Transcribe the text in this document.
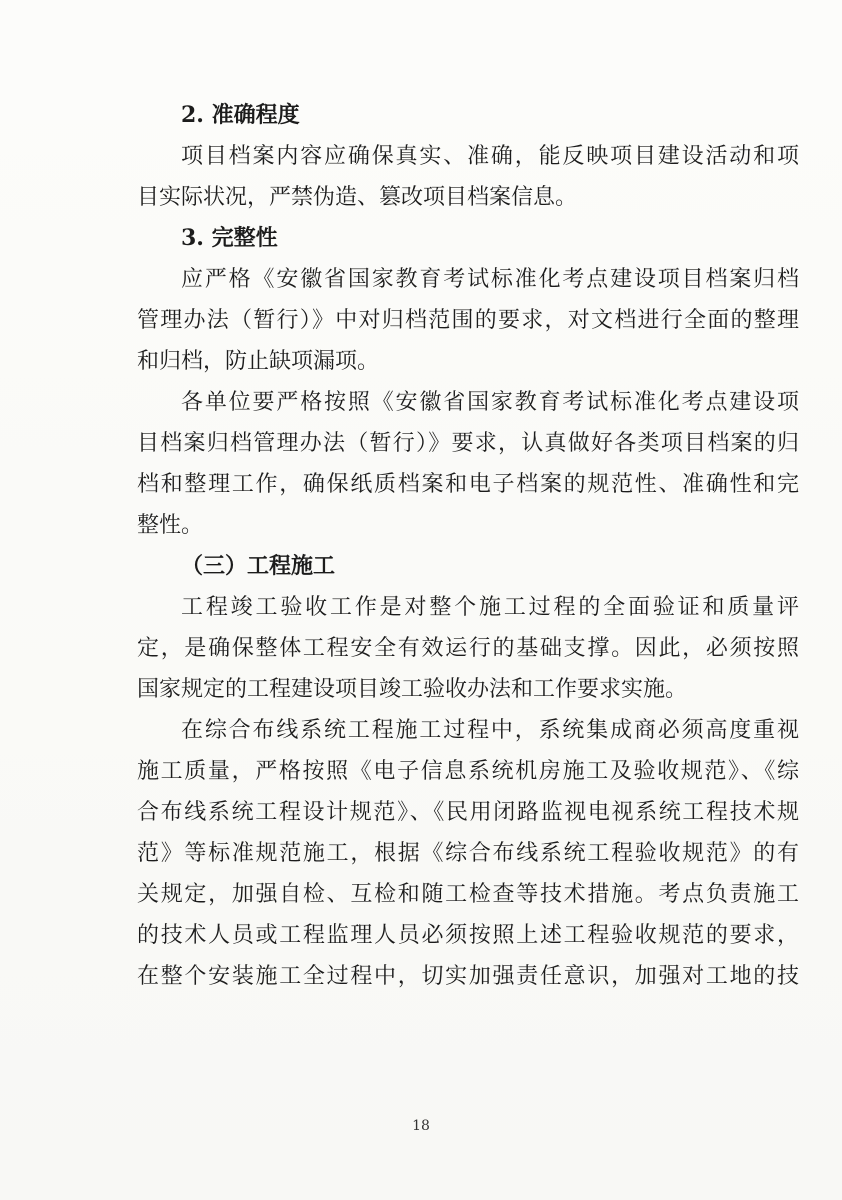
2. 准确程度
项目档案内容应确保真实、准确，能反映项目建设活动和项
目实际状况，严禁伪造、篡改项目档案信息。
3. 完整性
应严格《安徽省国家教育考试标准化考点建设项目档案归档
管理办法（暂行）》中对归档范围的要求，对文档进行全面的整理
和归档，防止缺项漏项。
各单位要严格按照《安徽省国家教育考试标准化考点建设项
目档案归档管理办法（暂行）》要求，认真做好各类项目档案的归
档和整理工作，确保纸质档案和电子档案的规范性、准确性和完
整性。
（三）工程施工
工程竣工验收工作是对整个施工过程的全面验证和质量评
定，是确保整体工程安全有效运行的基础支撑。因此，必须按照
国家规定的工程建设项目竣工验收办法和工作要求实施。
在综合布线系统工程施工过程中，系统集成商必须高度重视
施工质量，严格按照《电子信息系统机房施工及验收规范》、《综
合布线系统工程设计规范》、《民用闭路监视电视系统工程技术规
范》等标准规范施工，根据《综合布线系统工程验收规范》的有
关规定，加强自检、互检和随工检查等技术措施。考点负责施工
的技术人员或工程监理人员必须按照上述工程验收规范的要求，
在整个安装施工全过程中，切实加强责任意识，加强对工地的技
18
